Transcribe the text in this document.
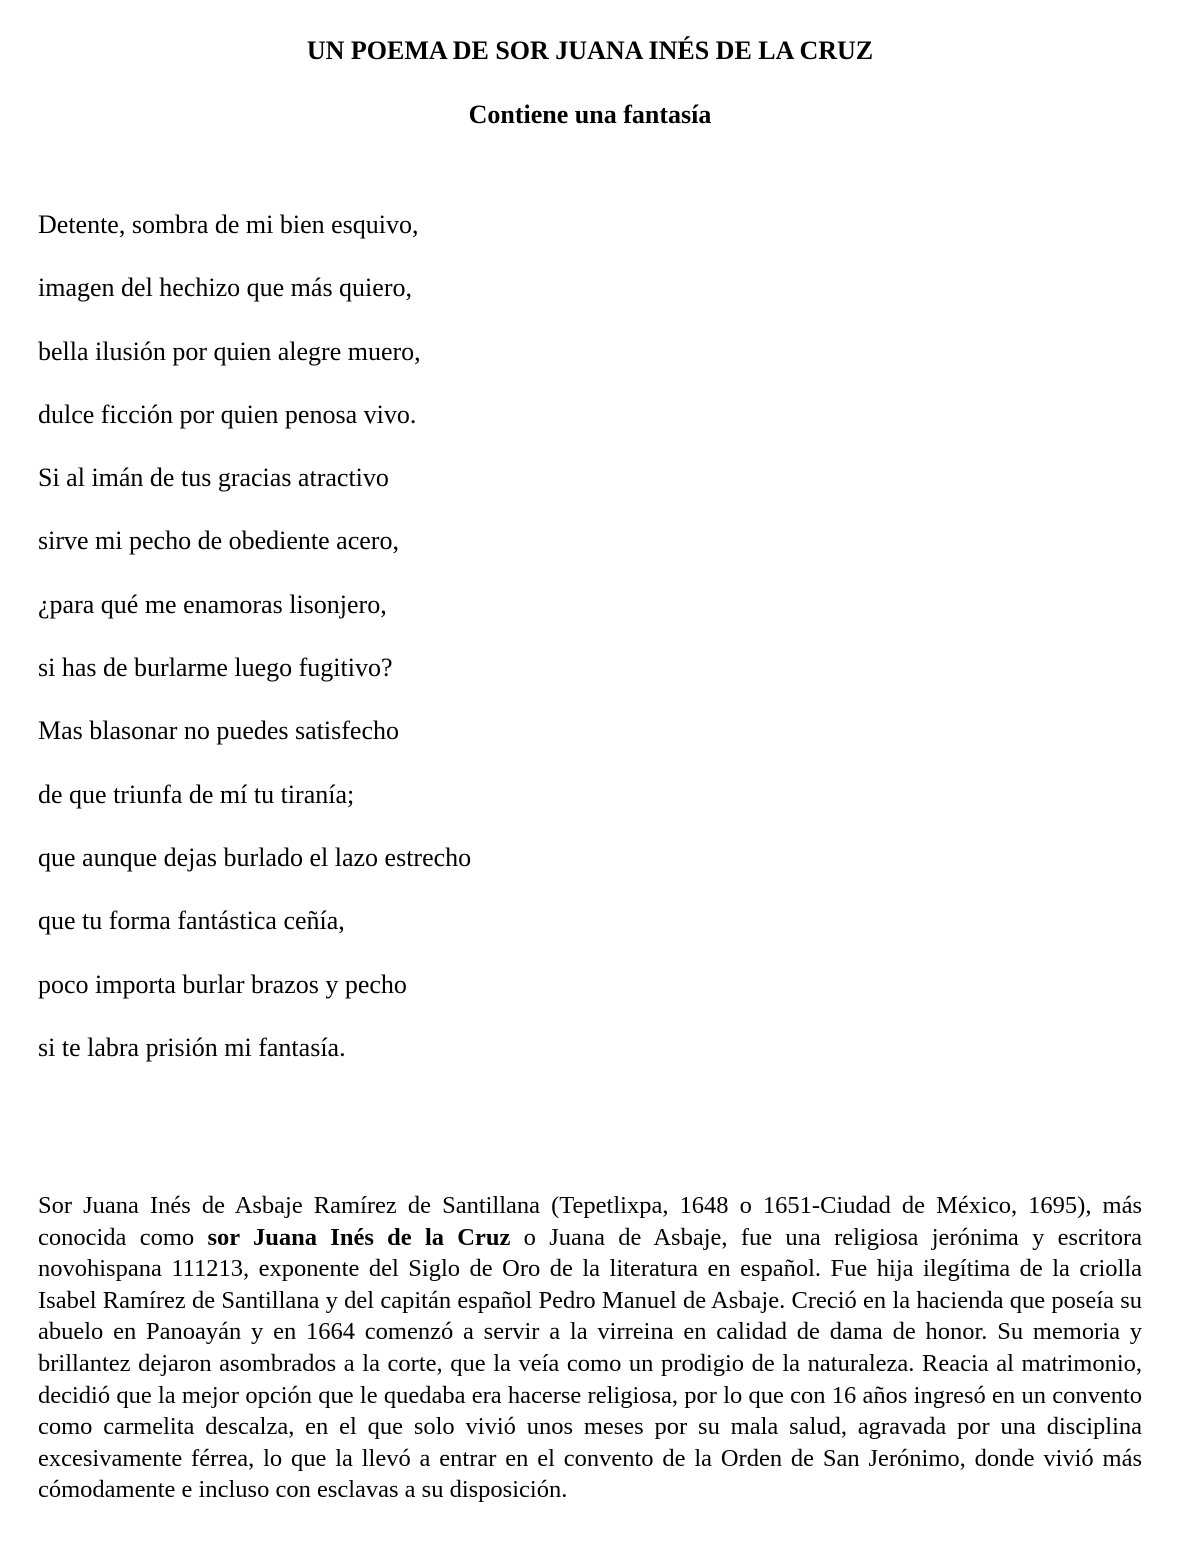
UN POEMA DE SOR JUANA INÉS DE LA CRUZ
Contiene una fantasía
Detente, sombra de mi bien esquivo,
imagen del hechizo que más quiero,
bella ilusión por quien alegre muero,
dulce ficción por quien penosa vivo.
Si al imán de tus gracias atractivo
sirve mi pecho de obediente acero,
¿para qué me enamoras lisonjero,
si has de burlarme luego fugitivo?
Mas blasonar no puedes satisfecho
de que triunfa de mí tu tiranía;
que aunque dejas burlado el lazo estrecho
que tu forma fantástica ceñía,
poco importa burlar brazos y pecho
si te labra prisión mi fantasía.

Sor Juana Inés de Asbaje Ramírez de Santillana (Tepetlixpa, 1648 o 1651-Ciudad de México, 1695), más conocida como sor Juana Inés de la Cruz o Juana de Asbaje, fue una religiosa jerónima y escritora novohispana 111213, exponente del Siglo de Oro de la literatura en español. Fue hija ilegítima de la criolla Isabel Ramírez de Santillana y del capitán español Pedro Manuel de Asbaje. Creció en la hacienda que poseía su abuelo en Panoayán y en 1664 comenzó a servir a la virreina en calidad de dama de honor. Su memoria y brillantez dejaron asombrados a la corte, que la veía como un prodigio de la naturaleza. Reacia al matrimonio, decidió que la mejor opción que le quedaba era hacerse religiosa, por lo que con 16 años ingresó en un convento como carmelita descalza, en el que solo vivió unos meses por su mala salud, agravada por una disciplina excesivamente férrea, lo que la llevó a entrar en el convento de la Orden de San Jerónimo, donde vivió más cómodamente e incluso con esclavas a su disposición.
